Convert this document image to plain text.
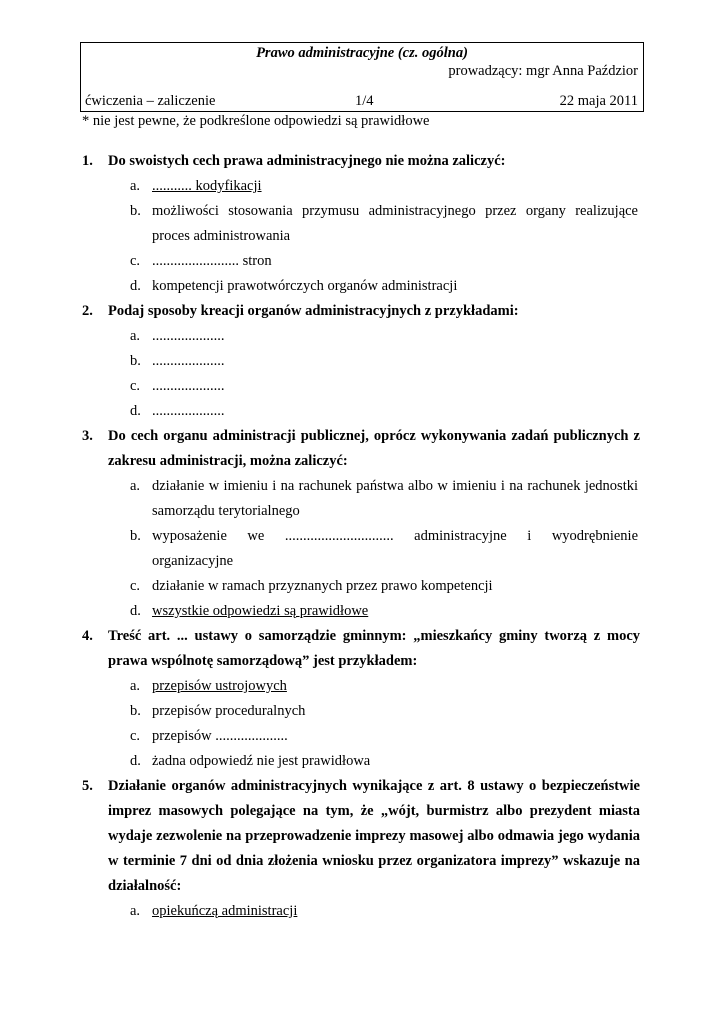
Prawo administracyjne (cz. ogólna)
prowadzący: mgr Anna Paździor
ćwiczenia – zaliczenie	1/4	22 maja 2011
* nie jest pewne, że podkreślone odpowiedzi są prawidłowe
1. Do swoistych cech prawa administracyjnego nie można zaliczyć:
a. ........... kodyfikacji
b. możliwości stosowania przymusu administracyjnego przez organy realizujące proces administrowania
c. ........................ stron
d. kompetencji prawotwórczych organów administracji
2. Podaj sposoby kreacji organów administracyjnych z przykładami:
a. ....................
b. ....................
c. ....................
d. ....................
3. Do cech organu administracji publicznej, oprócz wykonywania zadań publicznych z zakresu administracji, można zaliczyć:
a. działanie w imieniu i na rachunek państwa albo w imieniu i na rachunek jednostki samorządu terytorialnego
b. wyposażenie we .............................. administracyjne i wyodrębnienie organizacyjne
c. działanie w ramach przyznanych przez prawo kompetencji
d. wszystkie odpowiedzi są prawidłowe
4. Treść art. ... ustawy o samorządzie gminnym: „mieszkańcy gminy tworzą z mocy prawa wspólnotę samorządową” jest przykładem:
a. przepisów ustrojowych
b. przepisów proceduralnych
c. przepisów ....................
d. żadna odpowiedź nie jest prawidłowa
5. Działanie organów administracyjnych wynikające z art. 8 ustawy o bezpieczeństwie imprez masowych polegające na tym, że „wójt, burmistrz albo prezydent miasta wydaje zezwolenie na przeprowadzenie imprezy masowej albo odmawia jego wydania w terminie 7 dni od dnia złożenia wniosku przez organizatora imprezy” wskazuje na działalność:
a. opiekuńczą administracji
